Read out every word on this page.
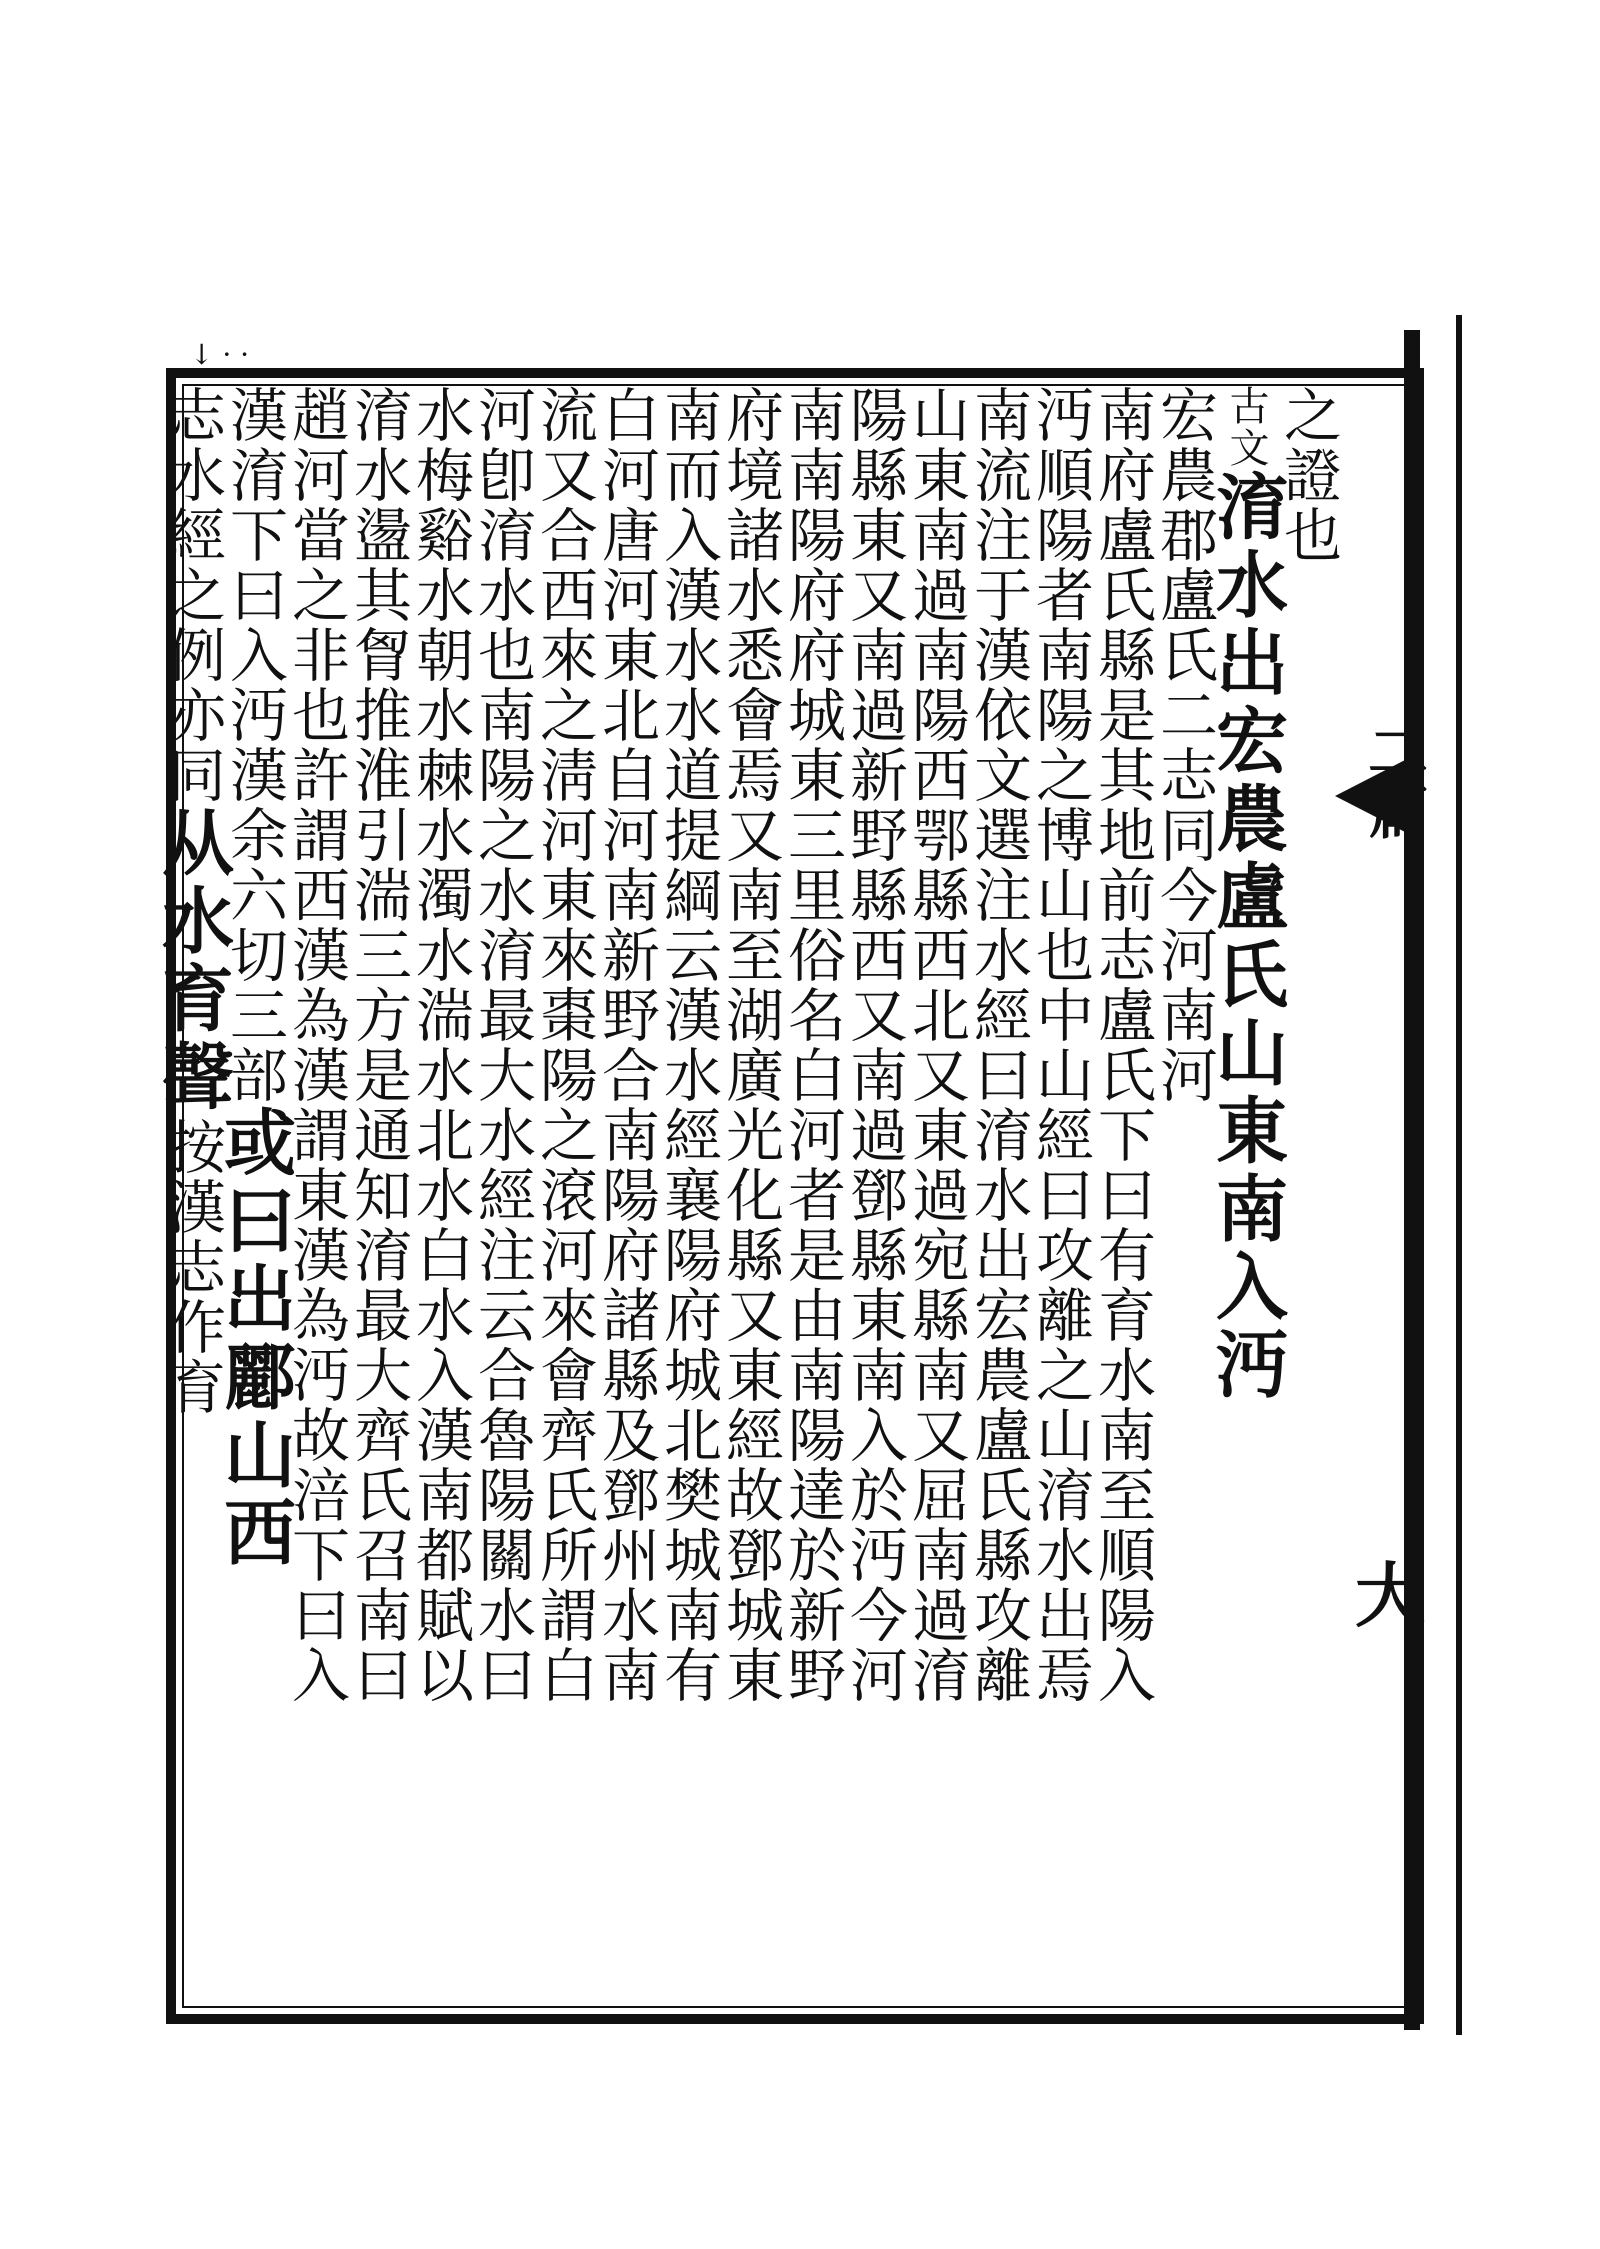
↓ · ·
二篇
大
之證也
古文淯水出宏農盧氏山東南入沔
宏農郡盧氏二志同今河南河
南府盧氏縣是其地前志盧氏下曰有育水南至順陽入
沔順陽者南陽之博山也中山經曰攻離之山淯水出焉
南流注于漢依文選注水經曰淯水出宏農盧氏縣攻離
山東南過南陽西鄂縣西北又東過宛縣南又屈南過淯
陽縣東又南過新野縣西又南過鄧縣東南入於沔今河
南南陽府府城東三里俗名白河者是由南陽達於新野
府境諸水悉會焉又南至湖廣光化縣又東經故鄧城東
南而入漢水水道提綱云漢水經襄陽府城北樊城南有
白河唐河東北自河南新野合南陽府諸縣及鄧州水南
流又合西來之淸河東來棗陽之滾河來會齊氏所謂白
河卽淯水也南陽之水淯最大水經注云合魯陽關水曰
水梅谿水朝水棘水濁水湍水北水白水入漢南都賦以
淯水盪其胷推淮引湍三方是通知淯最大齊氏召南曰
趙河當之非也許謂西漢為漢謂東漢為沔故涪下曰入
漢淯下曰入沔漢余六切三部或曰出酈山西
志水經之例亦同从水育聲按漢志作育
